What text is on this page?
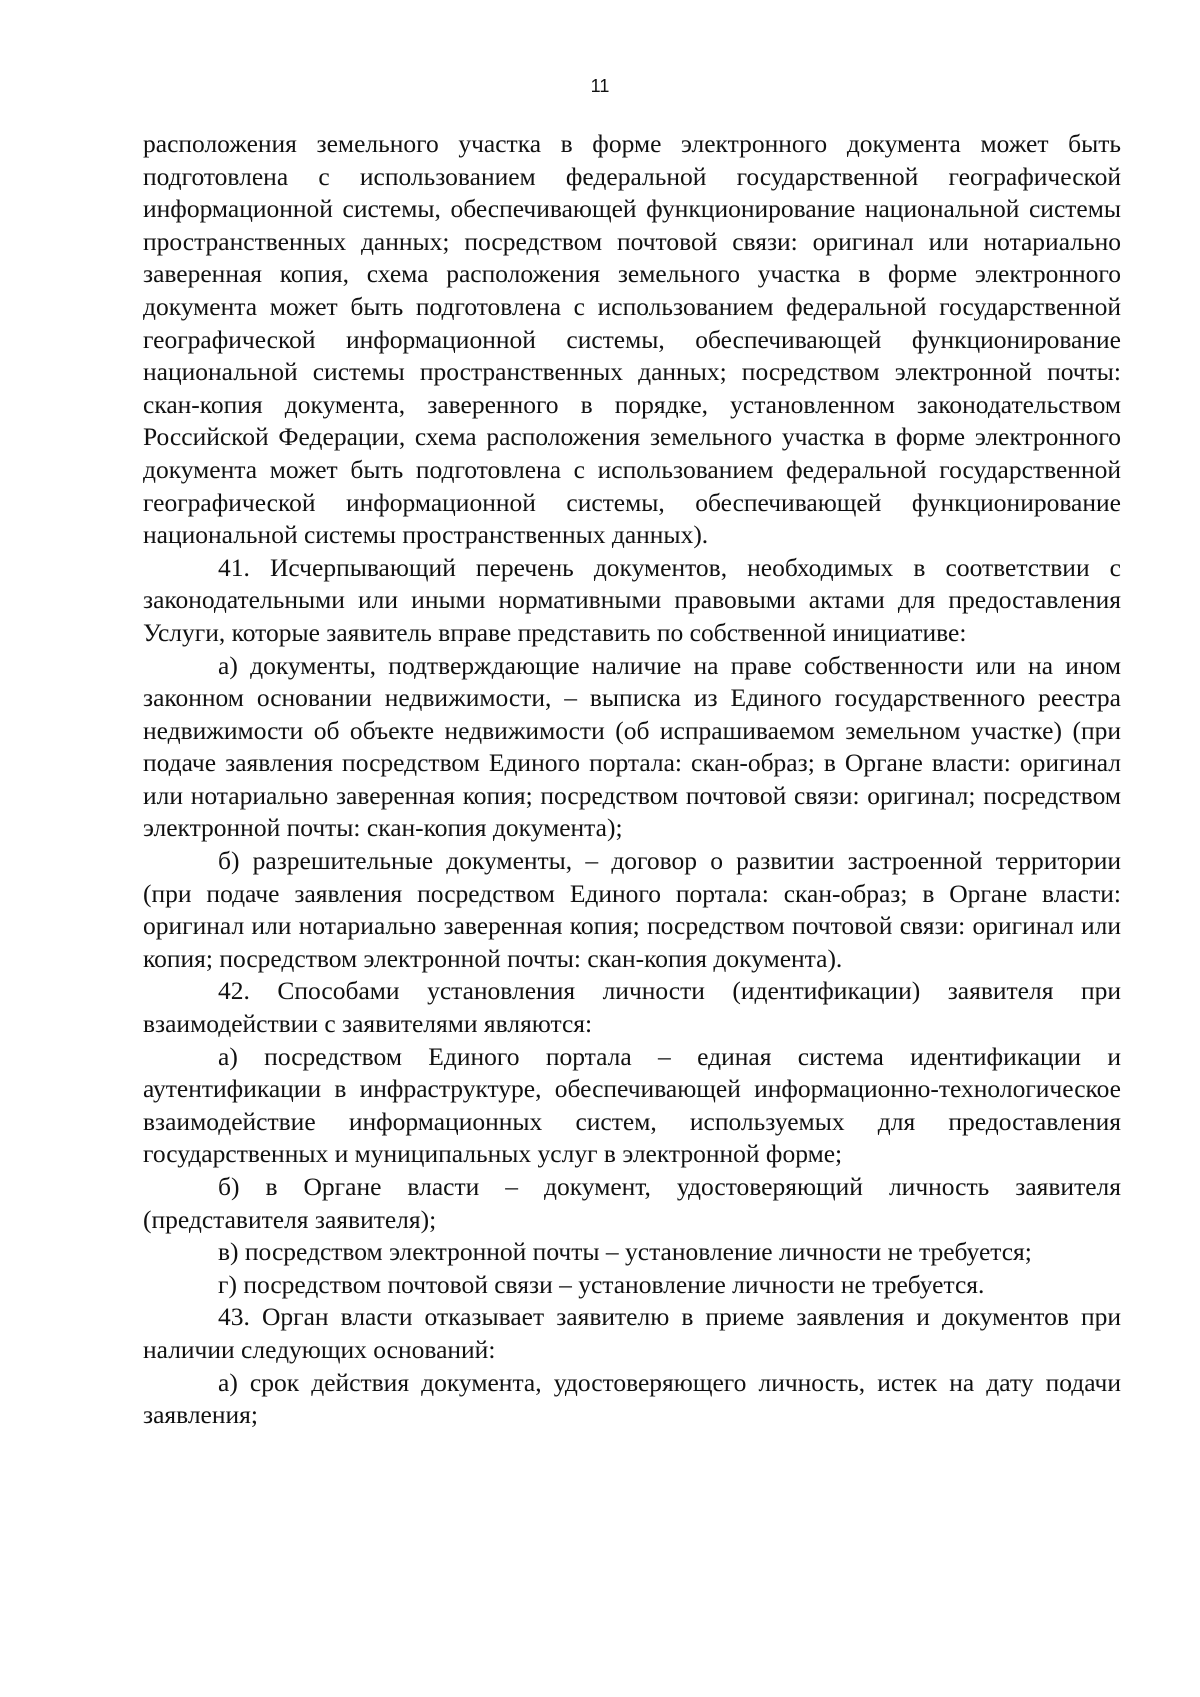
11

расположения земельного участка в форме электронного документа может быть подготовлена с использованием федеральной государственной географической информационной системы, обеспечивающей функционирование национальной системы пространственных данных; посредством почтовой связи: оригинал или нотариально заверенная копия, схема расположения земельного участка в форме электронного документа может быть подготовлена с использованием федеральной государственной географической информационной системы, обеспечивающей функционирование национальной системы пространственных данных; посредством электронной почты: скан-копия документа, заверенного в порядке, установленном законодательством Российской Федерации, схема расположения земельного участка в форме электронного документа может быть подготовлена с использованием федеральной государственной географической информационной системы, обеспечивающей функционирование национальной системы пространственных данных).

41. Исчерпывающий перечень документов, необходимых в соответствии с законодательными или иными нормативными правовыми актами для предоставления Услуги, которые заявитель вправе представить по собственной инициативе:

а) документы, подтверждающие наличие на праве собственности или на ином законном основании недвижимости, – выписка из Единого государственного реестра недвижимости об объекте недвижимости (об испрашиваемом земельном участке) (при подаче заявления посредством Единого портала: скан-образ; в Органе власти: оригинал или нотариально заверенная копия; посредством почтовой связи: оригинал; посредством электронной почты: скан-копия документа);

б) разрешительные документы, – договор о развитии застроенной территории (при подаче заявления посредством Единого портала: скан-образ; в Органе власти: оригинал или нотариально заверенная копия; посредством почтовой связи: оригинал или копия; посредством электронной почты: скан-копия документа).

42. Способами установления личности (идентификации) заявителя при взаимодействии с заявителями являются:

а) посредством Единого портала – единая система идентификации и аутентификации в инфраструктуре, обеспечивающей информационно-технологическое взаимодействие информационных систем, используемых для предоставления государственных и муниципальных услуг в электронной форме;

б) в Органе власти – документ, удостоверяющий личность заявителя (представителя заявителя);

в) посредством электронной почты – установление личности не требуется;

г) посредством почтовой связи – установление личности не требуется.

43. Орган власти отказывает заявителю в приеме заявления и документов при наличии следующих оснований:

а) срок действия документа, удостоверяющего личность, истек на дату подачи заявления;
